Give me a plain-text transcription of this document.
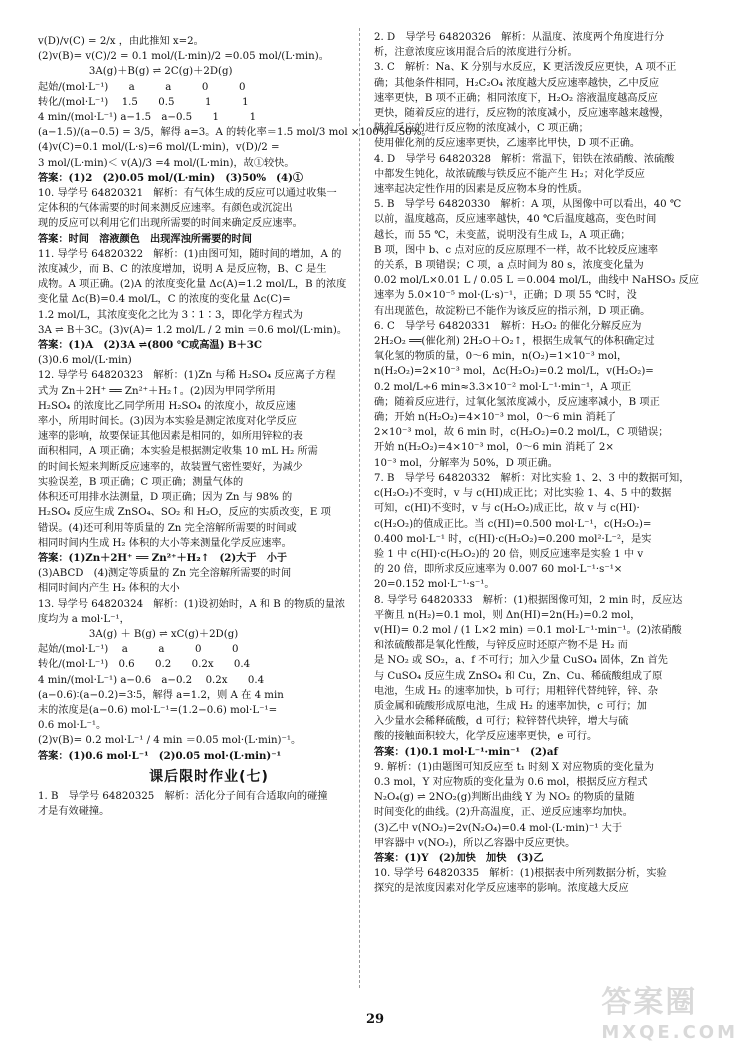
v(D)/v(C) = 2/x ，由此推知 x=2。
(2)v(B)= v(C)/2 = 0.1 mol/(L·min)/2 =0.05 mol/(L·min)。
　　　　　3A(g)＋B(g) ⇌ 2C(g)＋2D(g)
起始/(mol·L⁻¹)　　a　　　a　　　0　　　0
转化/(mol·L⁻¹)　 1.5　　0.5　　　1　　　1
4 min/(mol·L⁻¹) a−1.5　a−0.5　　1　　　1
(a−1.5)/(a−0.5) = 3/5，解得 a=3。A 的转化率＝1.5 mol/3 mol ×100%＝50%。
(4)v(C)=0.1 mol/(L·s)=6 mol/(L·min)，v(D)/2 =
3 mol/(L·min)＜ v(A)/3 =4 mol/(L·min)，故①较快。
答案：(1)2　(2)0.05 mol/(L·min)　(3)50%　(4)①
10. 导学号 64820321　解析：有气体生成的反应可以通过收集一
定体积的气体需要的时间来测反应速率。有颜色或沉淀出
现的反应可以利用它们出现所需要的时间来确定反应速率。
答案：时间　溶液颜色　出现浑浊所需要的时间
11. 导学号 64820322　解析：(1)由图可知，随时间的增加，A 的
浓度减少，而 B、C 的浓度增加，说明 A 是反应物，B、C 是生
成物。A 项正确。(2)A 的浓度变化量 Δc(A)=1.2 mol/L，B 的浓度
变化量 Δc(B)=0.4 mol/L，C 的浓度的变化量 Δc(C)=
1.2 mol/L，其浓度变化之比为 3∶1∶3，即化学方程式为
3A ⇌ B＋3C。(3)v(A)= 1.2 mol/L / 2 min ＝0.6 mol/(L·min)。
答案：(1)A　(2)3A ⇌(800 ℃或高温) B＋3C
(3)0.6 mol/(L·min)
12. 导学号 64820323　解析：(1)Zn 与稀 H₂SO₄ 反应离子方程
式为 Zn＋2H⁺ ══ Zn²⁺＋H₂↑。(2)因为甲同学所用
H₂SO₄ 的浓度比乙同学所用 H₂SO₄ 的浓度小，故反应速
率小，所用时间长。(3)因为本实验是测定浓度对化学反应
速率的影响，故要保证其他因素是相同的，如所用锌粒的表
面积相同，A 项正确；本实验是根据测定收集 10 mL H₂ 所需
的时间长短来判断反应速率的，故装置气密性要好，为减少
实验误差，B 项正确；C 项正确；测量气体的
体积还可用排水法测量，D 项正确；因为 Zn 与 98% 的
H₂SO₄ 反应生成 ZnSO₄、SO₂ 和 H₂O，反应的实质改变，E 项
错误。(4)还可利用等质量的 Zn 完全溶解所需要的时间或
相同时间内生成 H₂ 体积的大小等来测量化学反应速率。
答案：(1)Zn＋2H⁺ ══ Zn²⁺＋H₂↑　(2)大于　小于
(3)ABCD　(4)测定等质量的 Zn 完全溶解所需要的时间
相同时间内产生 H₂ 体积的大小
13. 导学号 64820324　解析：(1)设初始时，A 和 B 的物质的量浓
度均为 a mol·L⁻¹，
　　　　　3A(g) ＋ B(g) ⇌ xC(g)＋2D(g)
起始/(mol·L⁻¹)　 a　　　a　　　0　　　0
转化/(mol·L⁻¹)　0.6　　0.2　　0.2x　　0.4
4 min/(mol·L⁻¹) a−0.6　a−0.2　 0.2x　　0.4
(a−0.6)∶(a−0.2)=3∶5，解得 a=1.2，则 A 在 4 min
末的浓度是(a−0.6) mol·L⁻¹=(1.2−0.6) mol·L⁻¹=
0.6 mol·L⁻¹。
(2)v(B)= 0.2 mol·L⁻¹ / 4 min ＝0.05 mol·(L·min)⁻¹。
答案：(1)0.6 mol·L⁻¹　(2)0.05 mol·(L·min)⁻¹
课后限时作业(七)
1. B　导学号 64820325　解析：活化分子间有合适取向的碰撞
才是有效碰撞。
2. D　导学号 64820326　解析：从温度、浓度两个角度进行分
析，注意浓度应该用混合后的浓度进行分析。
3. C　解析：Na、K 分别与水反应，K 更活泼反应更快，A 项不正
确；其他条件相同，H₂C₂O₄ 浓度越大反应速率越快，乙中反应
速率更快，B 项不正确；相同浓度下，H₂O₂ 溶液温度越高反应
更快，随着反应的进行，反应物的浓度减小，反应速率越来越慢，
随着反应的进行反应物的浓度减小，C 项正确；
使用催化剂的反应速率更快，乙速率比甲快，D 项不正确。
4. D　导学号 64820328　解析：常温下，铝铁在浓硝酸、浓硫酸
中都发生钝化，故浓硫酸与铁反应不能产生 H₂；对化学反应
速率起决定性作用的因素是反应物本身的性质。
5. B　导学号 64820330　解析：A 项，从图像中可以看出，40 ℃
以前，温度越高，反应速率越快，40 ℃后温度越高，变色时间
越长，而 55 ℃，未变蓝，说明没有生成 I₂，A 项正确；
B 项，图中 b、c 点对应的反应原理不一样，故不比较反应速率
的关系，B 项错误；C 项，a 点时间为 80 s，浓度变化量为
0.02 mol/L×0.01 L / 0.05 L ＝0.004 mol/L，曲线中 NaHSO₃ 反应
速率为 5.0×10⁻⁵ mol·(L·s)⁻¹，正确；D 项 55 ℃时，没
有出现蓝色，故淀粉已不能作为该反应的指示剂，D 项正确。
6. C　导学号 64820331　解析：H₂O₂ 的催化分解反应为
2H₂O₂ ══(催化剂) 2H₂O＋O₂↑，根据生成氧气的体积确定过
氧化氢的物质的量，0～6 min，n(O₂)=1×10⁻³ mol，
n(H₂O₂)=2×10⁻³ mol，Δc(H₂O₂)=0.2 mol/L，v(H₂O₂)=
0.2 mol/L÷6 min≈3.3×10⁻² mol·L⁻¹·min⁻¹，A 项正
确；随着反应进行，过氧化氢浓度减小，反应速率减小，B 项正
确；开始 n(H₂O₂)=4×10⁻³ mol，0～6 min 消耗了
2×10⁻³ mol，故 6 min 时，c(H₂O₂)=0.2 mol/L，C 项错误；
开始 n(H₂O₂)=4×10⁻³ mol，0～6 min 消耗了 2×
10⁻³ mol，分解率为 50%，D 项正确。
7. B　导学号 64820332　解析：对比实验 1、2、3 中的数据可知，
c(H₂O₂)不变时，v 与 c(HI)成正比；对比实验 1、4、5 中的数据
可知，c(HI)不变时，v 与 c(H₂O₂)成正比，故 v 与 c(HI)·
c(H₂O₂)的值成正比。当 c(HI)=0.500 mol·L⁻¹，c(H₂O₂)=
0.400 mol·L⁻¹ 时，c(HI)·c(H₂O₂)=0.200 mol²·L⁻²，是实
验 1 中 c(HI)·c(H₂O₂)的 20 倍，则反应速率是实验 1 中 v
的 20 倍，即所求反应速率为 0.007 60 mol·L⁻¹·s⁻¹×
20=0.152 mol·L⁻¹·s⁻¹。
8. 导学号 64820333　解析：(1)根据图像可知，2 min 时，反应达
平衡且 n(H₂)=0.1 mol，则 Δn(HI)=2n(H₂)=0.2 mol，
v(HI)= 0.2 mol / (1 L×2 min) ＝0.1 mol·L⁻¹·min⁻¹。(2)浓硝酸
和浓硫酸都是氧化性酸，与锌反应时还原产物不是 H₂ 而
是 NO₂ 或 SO₂，a、f 不可行；加入少量 CuSO₄ 固体，Zn 首先
与 CuSO₄ 反应生成 ZnSO₄ 和 Cu，Zn、Cu、稀硫酸组成了原
电池，生成 H₂ 的速率加快，b 可行；用粗锌代替纯锌，锌、杂
质金属和硫酸形成原电池，生成 H₂ 的速率加快，c 可行；加
入少量水会稀释硫酸，d 可行；粒锌替代块锌，增大与硫
酸的接触面积较大，化学反应速率更快，e 可行。
答案：(1)0.1 mol·L⁻¹·min⁻¹　(2)af
9. 解析：(1)由题图可知反应至 t₁ 时刻 X 对应物质的变化量为
0.3 mol，Y 对应物质的变化量为 0.6 mol，根据反应方程式
N₂O₄(g) ⇌ 2NO₂(g)判断出曲线 Y 为 NO₂ 的物质的量随
时间变化的曲线。(2)升高温度，正、逆反应速率均加快。
(3)乙中 v(NO₂)=2v(N₂O₄)=0.4 mol·(L·min)⁻¹ 大于
甲容器中 v(NO₂)，所以乙容器中反应更快。
答案：(1)Y　(2)加快　加快　(3)乙
10. 导学号 64820335　解析：(1)根据表中所列数据分析，实验
探究的是浓度因素对化学反应速率的影响。浓度越大反应
29	答案圈
MXQE.COM
